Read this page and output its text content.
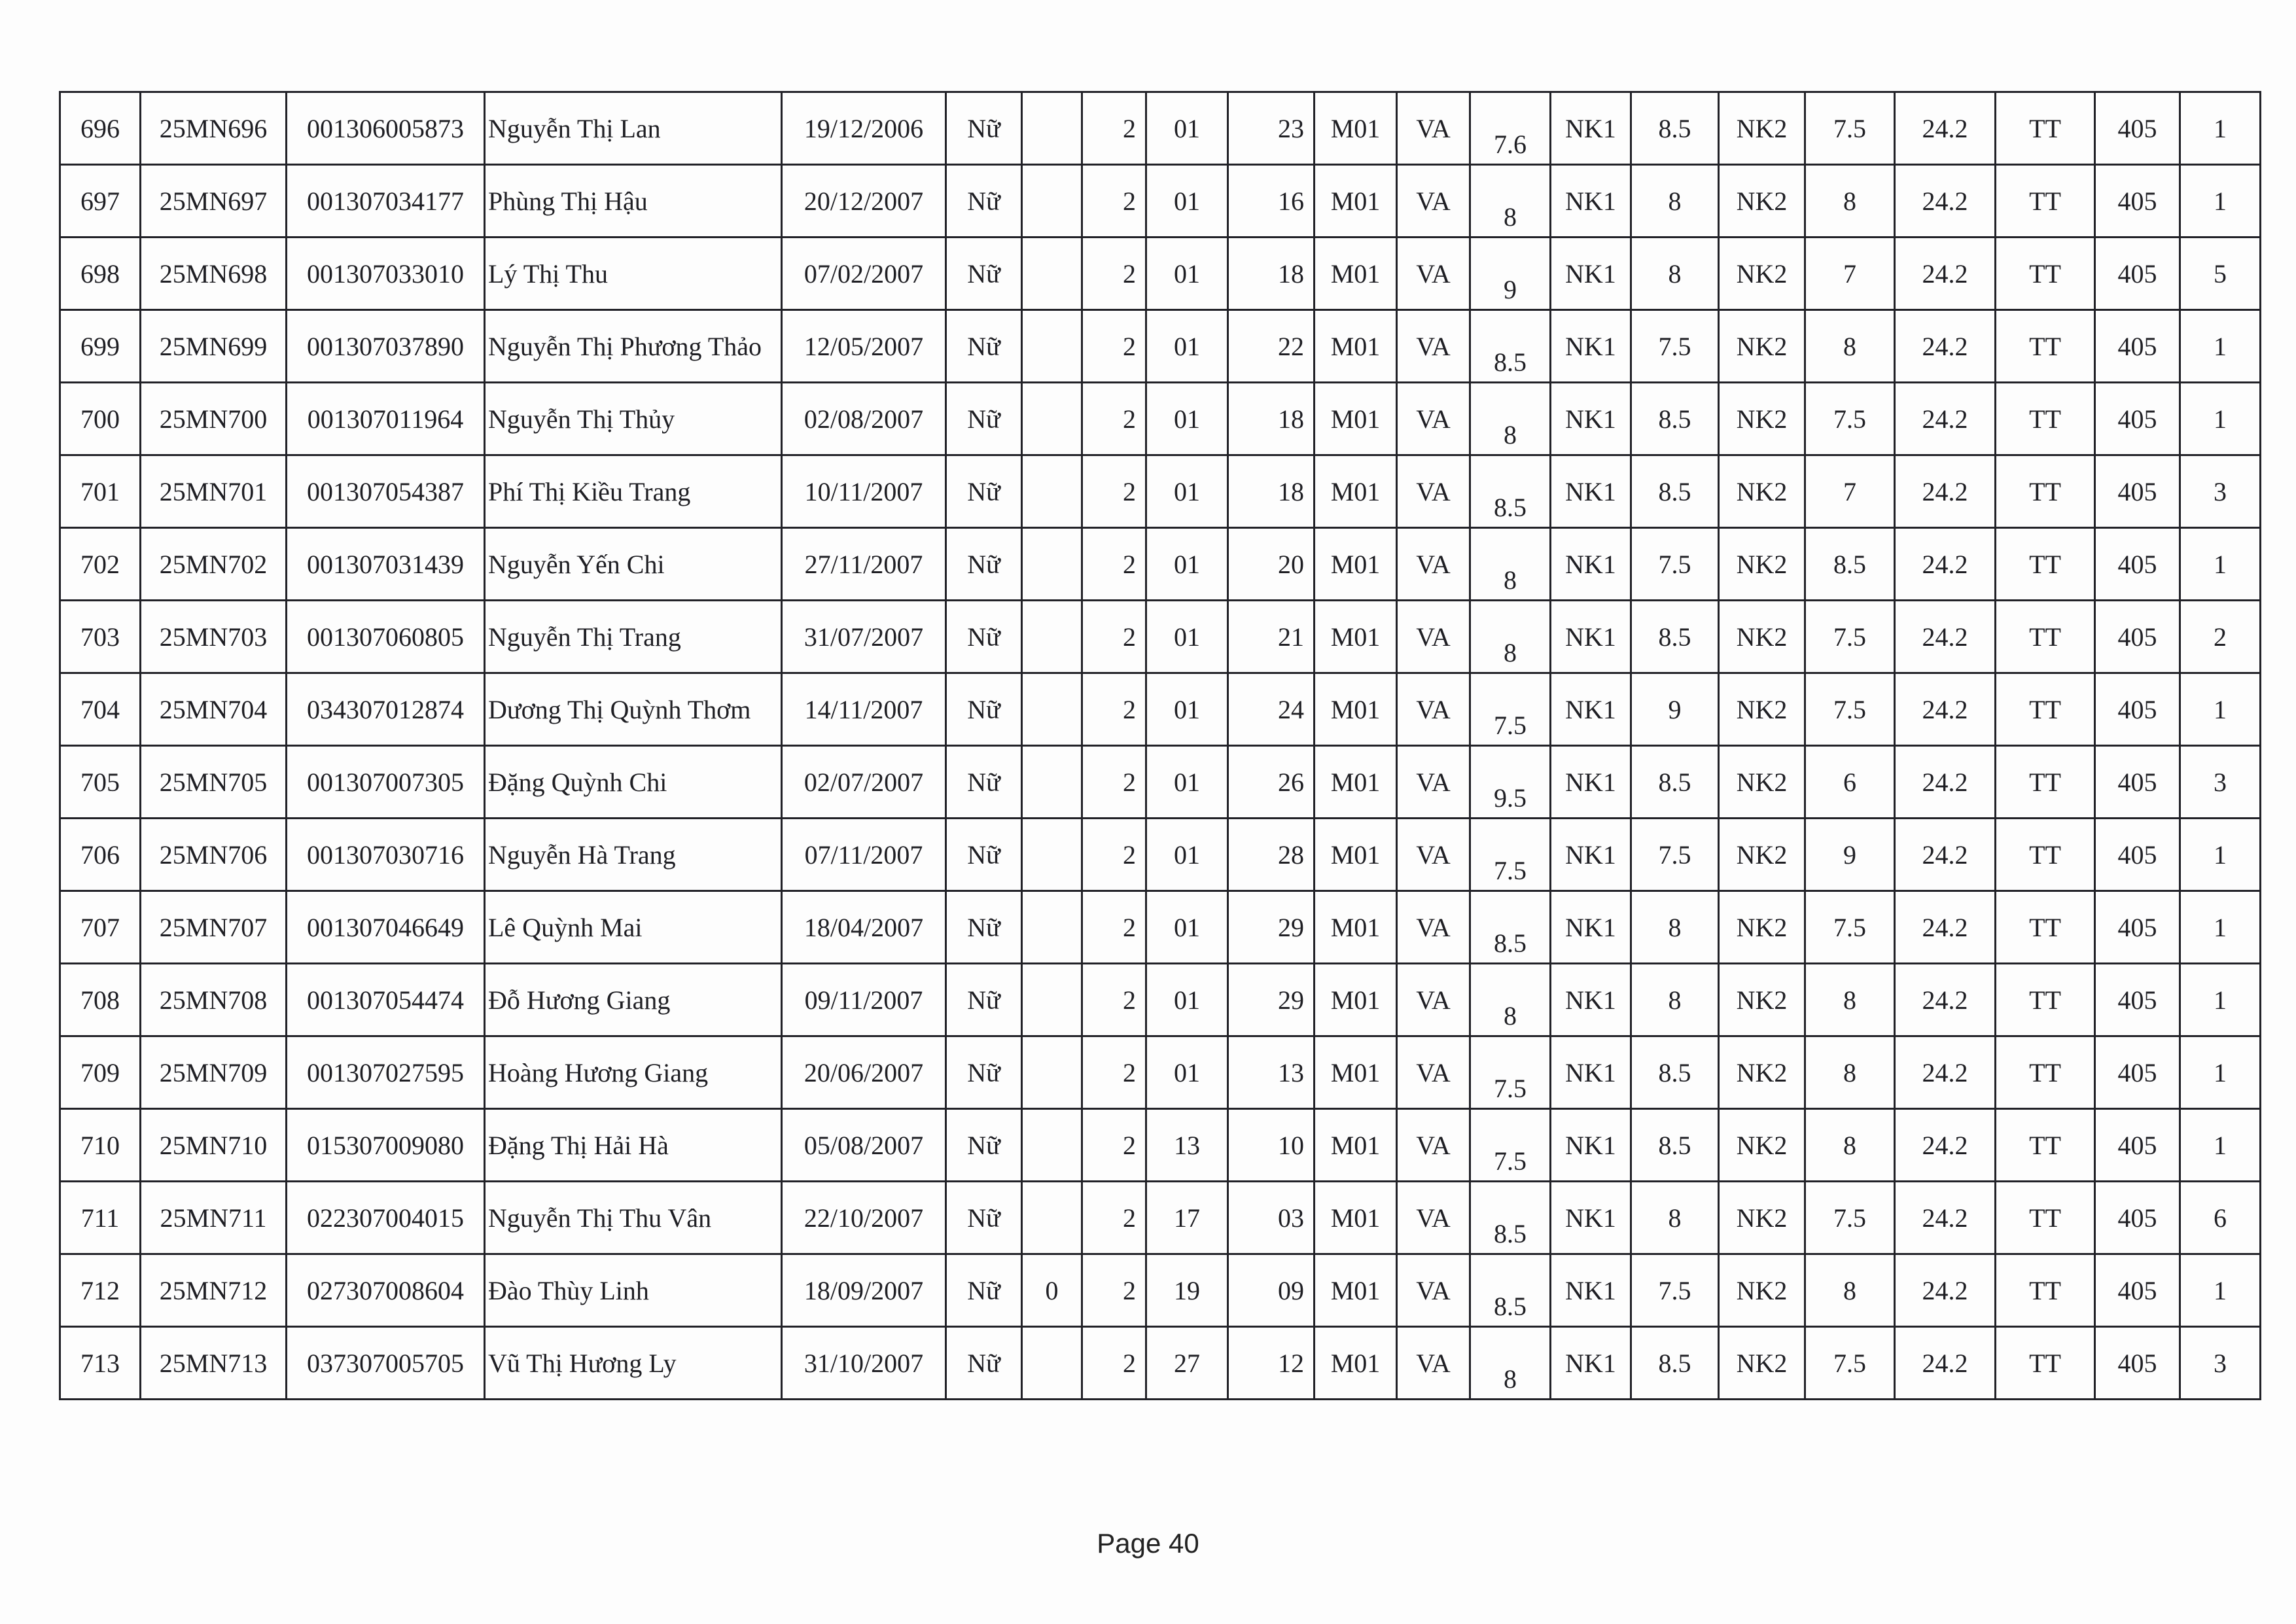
696	25MN696	001306005873	Nguyễn Thị Lan	19/12/2006	Nữ		2	01	23	M01	VA	7.6	NK1	8.5	NK2	7.5	24.2	TT	405	1
697	25MN697	001307034177	Phùng Thị Hậu	20/12/2007	Nữ		2	01	16	M01	VA	8	NK1	8	NK2	8	24.2	TT	405	1
698	25MN698	001307033010	Lý Thị Thu	07/02/2007	Nữ		2	01	18	M01	VA	9	NK1	8	NK2	7	24.2	TT	405	5
699	25MN699	001307037890	Nguyễn Thị Phương Thảo	12/05/2007	Nữ		2	01	22	M01	VA	8.5	NK1	7.5	NK2	8	24.2	TT	405	1
700	25MN700	001307011964	Nguyễn Thị Thủy	02/08/2007	Nữ		2	01	18	M01	VA	8	NK1	8.5	NK2	7.5	24.2	TT	405	1
701	25MN701	001307054387	Phí Thị Kiều Trang	10/11/2007	Nữ		2	01	18	M01	VA	8.5	NK1	8.5	NK2	7	24.2	TT	405	3
702	25MN702	001307031439	Nguyễn Yến Chi	27/11/2007	Nữ		2	01	20	M01	VA	8	NK1	7.5	NK2	8.5	24.2	TT	405	1
703	25MN703	001307060805	Nguyễn Thị Trang	31/07/2007	Nữ		2	01	21	M01	VA	8	NK1	8.5	NK2	7.5	24.2	TT	405	2
704	25MN704	034307012874	Dương Thị Quỳnh Thơm	14/11/2007	Nữ		2	01	24	M01	VA	7.5	NK1	9	NK2	7.5	24.2	TT	405	1
705	25MN705	001307007305	Đặng Quỳnh Chi	02/07/2007	Nữ		2	01	26	M01	VA	9.5	NK1	8.5	NK2	6	24.2	TT	405	3
706	25MN706	001307030716	Nguyễn Hà Trang	07/11/2007	Nữ		2	01	28	M01	VA	7.5	NK1	7.5	NK2	9	24.2	TT	405	1
707	25MN707	001307046649	Lê Quỳnh Mai	18/04/2007	Nữ		2	01	29	M01	VA	8.5	NK1	8	NK2	7.5	24.2	TT	405	1
708	25MN708	001307054474	Đỗ Hương Giang	09/11/2007	Nữ		2	01	29	M01	VA	8	NK1	8	NK2	8	24.2	TT	405	1
709	25MN709	001307027595	Hoàng Hương Giang	20/06/2007	Nữ		2	01	13	M01	VA	7.5	NK1	8.5	NK2	8	24.2	TT	405	1
710	25MN710	015307009080	Đặng Thị Hải Hà	05/08/2007	Nữ		2	13	10	M01	VA	7.5	NK1	8.5	NK2	8	24.2	TT	405	1
711	25MN711	022307004015	Nguyễn Thị Thu Vân	22/10/2007	Nữ		2	17	03	M01	VA	8.5	NK1	8	NK2	7.5	24.2	TT	405	6
712	25MN712	027307008604	Đào Thùy Linh	18/09/2007	Nữ	0	2	19	09	M01	VA	8.5	NK1	7.5	NK2	8	24.2	TT	405	1
713	25MN713	037307005705	Vũ Thị Hương Ly	31/10/2007	Nữ		2	27	12	M01	VA	8	NK1	8.5	NK2	7.5	24.2	TT	405	3
Page 40
